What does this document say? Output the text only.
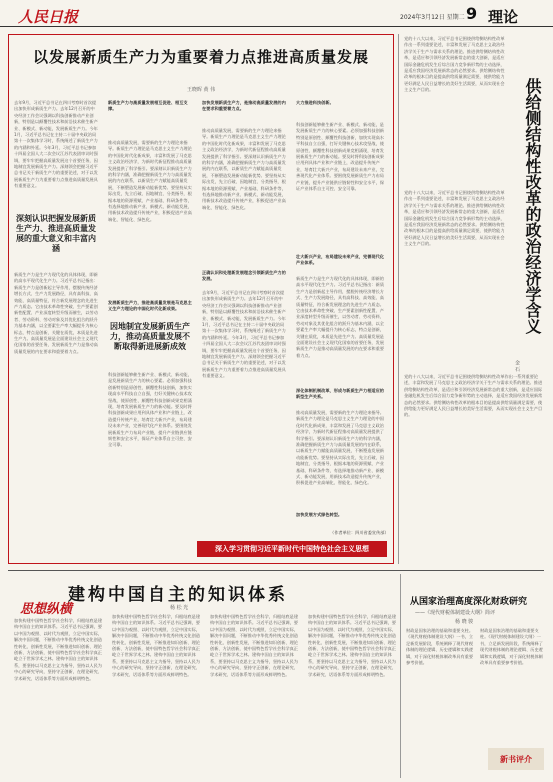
人民日报	2024年3月12日 星期二 9 理论
以发展新质生产力为重要着力点推进高质量发展
王晓晖 黄 伟
去年9月，习近平总书记在四川考察时首次提出加快形成新质生产力。去年12月召开的中央经济工作会议强调以科技创新推动产业创新，特别是以颠覆性技术和前沿技术催生新产业、新模式、新动能，发展新质生产力。今年1月，习近平总书记在主持二十届中央政治局第十一次集体学习时，系统阐述了新质生产力的内涵和外延。今年3月，习近平总书记参加十四届全国人大二次会议江苏代表团审议时强调，要牢牢把握高质量发展这个首要任务，因地制宜发展新质生产力。深刻领会把握习近平总书记关于新质生产力的重要论述，对于以发展新质生产力为重要着力点推进高质量发展具有重要意义。
深刻认识把握发展新质生产力、推进高质量发展的重大意义和丰富内涵
新质生产力是生产力现代化的具体体现，即新的高水平现代化生产力。习近平总书记指出：新质生产力是创新起主导作用，摆脱传统经济增长方式、生产力发展路径，具有高科技、高效能、高质量特征，符合新发展理念的先进生产力质态。它由技术革命性突破、生产要素创新性配置、产业深度转型升级而催生，以劳动者、劳动资料、劳动对象及其优化组合的跃升为基本内涵，以全要素生产率大幅提升为核心标志，特点是创新，关键在质优，本质是先进生产力。高质量发展是全面建设社会主义现代化国家的首要任务，发展新质生产力是推动高质量发展的内在要求和重要着力点。
新质生产力与高质量发展相互促进、相互支撑。
推动高质量发展，需要新的生产力理论来指导。新质生产力理论是马克思主义生产力理论的中国化时代化新成果，丰富和发展了马克思主义政治经济学，为新时代新征程推动高质量发展提供了科学指引。要深刻认识新质生产力的科学内涵，准确把握新质生产力与高质量发展的内在联系，以新质生产力赋能高质量发展，不断塑造发展新动能新优势。要坚持从实际出发，先立后破、因地制宜、分类指导，根据本地的资源禀赋、产业基础、科研条件等，有选择地推动新产业、新模式、新动能发展，用新技术改造提升传统产业，积极促进产业高端化、智能化、绿色化。
发展新质生产力，推进高质量发展是马克思主义生产力理论的中国化时代化新成果。
因地制宜发展新质生产力，推动高质量发展不断取得新进展新成效
科技创新能够催生新产业、新模式、新动能，是发展新质生产力的核心要素。必须加强科技创新特别是原创性、颠覆性科技创新，加快实现高水平科技自立自强，打好关键核心技术攻坚战，使原创性、颠覆性科技创新成果竞相涌现，培育发展新质生产力的新动能。要及时将科技创新成果应用到具体产业和产业链上，改造提升传统产业，培育壮大新兴产业，布局建设未来产业，完善现代化产业体系。要围绕发展新质生产力布局产业链，提升产业链供应链韧性和安全水平，保证产业体系自主可控、安全可靠。
加快发展新质生产力，是推动高质量发展的内在要求和重要着力点。
推动高质量发展，需要新的生产力理论来指导。新质生产力理论是马克思主义生产力理论的中国化时代化新成果，丰富和发展了马克思主义政治经济学，为新时代新征程推动高质量发展提供了科学指引。要深刻认识新质生产力的科学内涵，准确把握新质生产力与高质量发展的内在联系，以新质生产力赋能高质量发展，不断塑造发展新动能新优势。要坚持从实际出发，先立后破、因地制宜、分类指导，根据本地的资源禀赋、产业基础、科研条件等，有选择地推动新产业、新模式、新动能发展，用新技术改造提升传统产业，积极促进产业高端化、智能化、绿色化。
正确认识和处理新发展理念引领新质生产力的发展。
去年9月，习近平总书记在四川考察时首次提出加快形成新质生产力。去年12月召开的中央经济工作会议强调以科技创新推动产业创新，特别是以颠覆性技术和前沿技术催生新产业、新模式、新动能，发展新质生产力。今年1月，习近平总书记在主持二十届中央政治局第十一次集体学习时，系统阐述了新质生产力的内涵和外延。今年3月，习近平总书记参加十四届全国人大二次会议江苏代表团审议时强调，要牢牢把握高质量发展这个首要任务，因地制宜发展新质生产力。深刻领会把握习近平总书记关于新质生产力的重要论述，对于以发展新质生产力为重要着力点推进高质量发展具有重要意义。
大力推进科技创新。
科技创新能够催生新产业、新模式、新动能，是发展新质生产力的核心要素。必须加强科技创新特别是原创性、颠覆性科技创新，加快实现高水平科技自立自强，打好关键核心技术攻坚战，使原创性、颠覆性科技创新成果竞相涌现，培育发展新质生产力的新动能。要及时将科技创新成果应用到具体产业和产业链上，改造提升传统产业，培育壮大新兴产业，布局建设未来产业，完善现代化产业体系。要围绕发展新质生产力布局产业链，提升产业链供应链韧性和安全水平，保证产业体系自主可控、安全可靠。
壮大新兴产业，布局建设未来产业，完善现代化产业体系。
新质生产力是生产力现代化的具体体现，即新的高水平现代化生产力。习近平总书记指出：新质生产力是创新起主导作用，摆脱传统经济增长方式、生产力发展路径，具有高科技、高效能、高质量特征，符合新发展理念的先进生产力质态。它由技术革命性突破、生产要素创新性配置、产业深度转型升级而催生，以劳动者、劳动资料、劳动对象及其优化组合的跃升为基本内涵，以全要素生产率大幅提升为核心标志，特点是创新，关键在质优，本质是先进生产力。高质量发展是全面建设社会主义现代化国家的首要任务，发展新质生产力是推动高质量发展的内在要求和重要着力点。
深化体制机制改革，形成与新质生产力相适应的新型生产关系。
推动高质量发展，需要新的生产力理论来指导。新质生产力理论是马克思主义生产力理论的中国化时代化新成果，丰富和发展了马克思主义政治经济学，为新时代新征程推动高质量发展提供了科学指引。要深刻认识新质生产力的科学内涵，准确把握新质生产力与高质量发展的内在联系，以新质生产力赋能高质量发展，不断塑造发展新动能新优势。要坚持从实际出发，先立后破、因地制宜、分类指导，根据本地的资源禀赋、产业基础、科研条件等，有选择地推动新产业、新模式、新动能发展，用新技术改造提升传统产业，积极促进产业高端化、智能化、绿色化。
加快发展方式绿色转型。
（作者单位：四川省委宣传部）
深入学习贯彻习近平新时代中国特色社会主义思想
党的十八大以来，习近平总书记围绕供给侧结构性改革作出一系列重要论述，丰富和发展了马克思主义政治经济学关于生产与需求关系的理论。推进供给侧结构性改革，是适应和引领经济发展新常态的重大创新，是适应国际金融危机发生后综合国力竞争新形势的主动选择，是适应我国经济发展新常态的必然要求。供给侧结构性改革的根本目的是提高供给质量满足需要，使供给能力更好满足人民日益增长的美好生活需要，从而实现社会主义生产目的。	供给侧结构性改革的政治经济学含义
金 石
党的十八大以来，习近平总书记围绕供给侧结构性改革作出一系列重要论述，丰富和发展了马克思主义政治经济学关于生产与需求关系的理论。推进供给侧结构性改革，是适应和引领经济发展新常态的重大创新，是适应国际金融危机发生后综合国力竞争新形势的主动选择，是适应我国经济发展新常态的必然要求。供给侧结构性改革的根本目的是提高供给质量满足需要，使供给能力更好满足人民日益增长的美好生活需要，从而实现社会主义生产目的。
党的十八大以来，习近平总书记围绕供给侧结构性改革作出一系列重要论述，丰富和发展了马克思主义政治经济学关于生产与需求关系的理论。推进供给侧结构性改革，是适应和引领经济发展新常态的重大创新，是适应国际金融危机发生后综合国力竞争新形势的主动选择，是适应我国经济发展新常态的必然要求。供给侧结构性改革的根本目的是提高供给质量满足需要，使供给能力更好满足人民日益增长的美好生活需要，从而实现社会主义生产目的。
建构中国自主的知识体系
杨 松 光
思想纵横
加快构建中国特色哲学社会科学，归根结底是建构中国自主的知识体系。习近平总书记强调，要以中国为观照、以时代为观照，立足中国实际，解决中国问题，不断推动中华优秀传统文化创造性转化、创新性发展，不断推进知识创新、理论创新、方法创新，使中国特色哲学社会科学真正屹立于世界学术之林。建构中国自主的知识体系，要坚持以马克思主义为指导，坚持以人民为中心的研究导向，坚持守正创新，在理论研究、学术研究、话语体系等方面形成鲜明特色。
加快构建中国特色哲学社会科学，归根结底是建构中国自主的知识体系。习近平总书记强调，要以中国为观照、以时代为观照，立足中国实际，解决中国问题，不断推动中华优秀传统文化创造性转化、创新性发展，不断推进知识创新、理论创新、方法创新，使中国特色哲学社会科学真正屹立于世界学术之林。建构中国自主的知识体系，要坚持以马克思主义为指导，坚持以人民为中心的研究导向，坚持守正创新，在理论研究、学术研究、话语体系等方面形成鲜明特色。
加快构建中国特色哲学社会科学，归根结底是建构中国自主的知识体系。习近平总书记强调，要以中国为观照、以时代为观照，立足中国实际，解决中国问题，不断推动中华优秀传统文化创造性转化、创新性发展，不断推进知识创新、理论创新、方法创新，使中国特色哲学社会科学真正屹立于世界学术之林。建构中国自主的知识体系，要坚持以马克思主义为指导，坚持以人民为中心的研究导向，坚持守正创新，在理论研究、学术研究、话语体系等方面形成鲜明特色。
加快构建中国特色哲学社会科学，归根结底是建构中国自主的知识体系。习近平总书记强调，要以中国为观照、以时代为观照，立足中国实际，解决中国问题，不断推动中华优秀传统文化创造性转化、创新性发展，不断推进知识创新、理论创新、方法创新，使中国特色哲学社会科学真正屹立于世界学术之林。建构中国自主的知识体系，要坚持以马克思主义为指导，坚持以人民为中心的研究导向，坚持守正创新，在理论研究、学术研究、话语体系等方面形成鲜明特色。
从国家治理高度深化财政研究
——《现代财税体制建设大纲》简评
杨 晓 骏
财政是国家治理的基础和重要支柱。《现代财税体制建设大纲》一书，立足新发展阶段，系统阐释了现代财税体制的理论逻辑、历史逻辑和实践逻辑，对于深化财税体制改革具有重要参考价值。
财政是国家治理的基础和重要支柱。《现代财税体制建设大纲》一书，立足新发展阶段，系统阐释了现代财税体制的理论逻辑、历史逻辑和实践逻辑，对于深化财税体制改革具有重要参考价值。
新书评介
